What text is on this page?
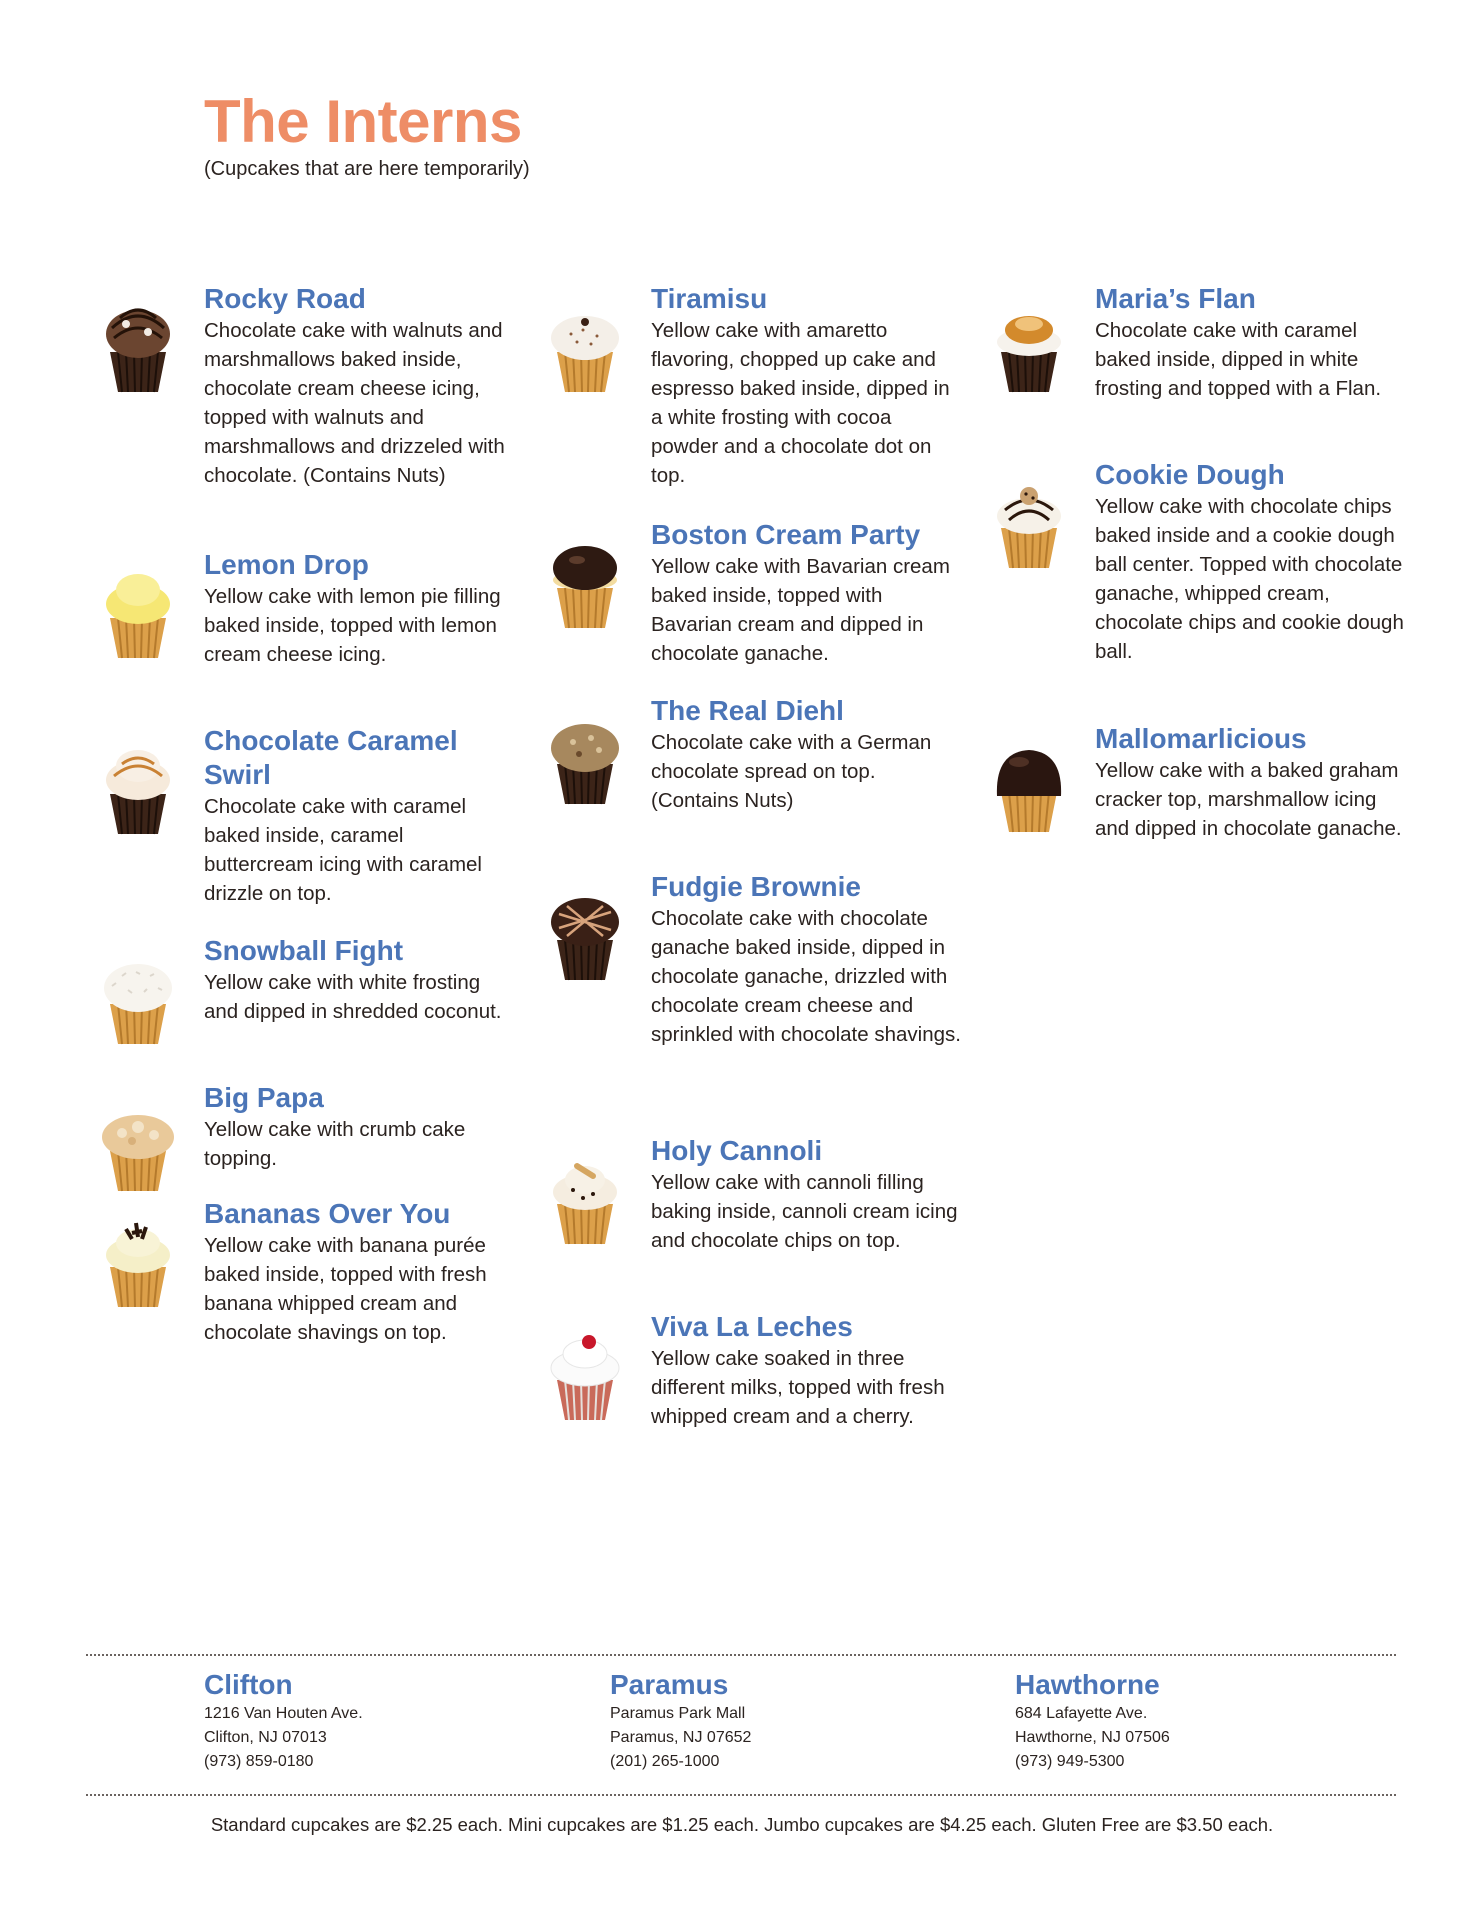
The Interns
(Cupcakes that are here temporarily)
Rocky Road
Chocolate cake with walnuts and marshmallows baked inside, chocolate cream cheese icing, topped with walnuts and marshmallows and drizzeled with chocolate. (Contains Nuts)
Lemon Drop
Yellow cake with lemon pie filling baked inside, topped with lemon cream cheese icing.
Chocolate Caramel Swirl
Chocolate cake with caramel baked inside, caramel buttercream icing with caramel drizzle on top.
Snowball Fight
Yellow cake with white frosting and dipped in shredded coconut.
Big Papa
Yellow cake with crumb cake topping.
Bananas Over You
Yellow cake with banana purée baked inside, topped with fresh banana whipped cream and chocolate shavings on top.
Tiramisu
Yellow cake with amaretto flavoring, chopped up cake and espresso baked inside, dipped in a white frosting with cocoa powder and a chocolate dot on top.
Boston Cream Party
Yellow cake with Bavarian cream baked inside, topped with Bavarian cream and dipped in chocolate ganache.
The Real Diehl
Chocolate cake with a German chocolate spread on top. (Contains Nuts)
Fudgie Brownie
Chocolate cake with chocolate ganache baked inside, dipped in chocolate ganache, drizzled with chocolate cream cheese and sprinkled with chocolate shavings.
Holy Cannoli
Yellow cake with cannoli filling baking inside, cannoli cream icing and chocolate chips on top.
Viva La Leches
Yellow cake soaked in three different milks, topped with fresh whipped cream and a cherry.
Maria’s Flan
Chocolate cake with caramel baked inside, dipped in white frosting and topped with a Flan.
Cookie Dough
Yellow cake with chocolate chips baked inside and a cookie dough ball center. Topped with chocolate ganache, whipped cream, chocolate chips and cookie dough ball.
Mallomarlicious
Yellow cake with a baked graham cracker top, marshmallow icing and dipped in chocolate ganache.
Clifton
1216 Van Houten Ave.
Clifton, NJ 07013
(973) 859-0180
Paramus
Paramus Park Mall
Paramus, NJ 07652
(201) 265-1000
Hawthorne
684 Lafayette Ave.
Hawthorne, NJ 07506
(973) 949-5300
Standard cupcakes are $2.25 each. Mini cupcakes are $1.25 each. Jumbo cupcakes are $4.25 each. Gluten Free are $3.50 each.
